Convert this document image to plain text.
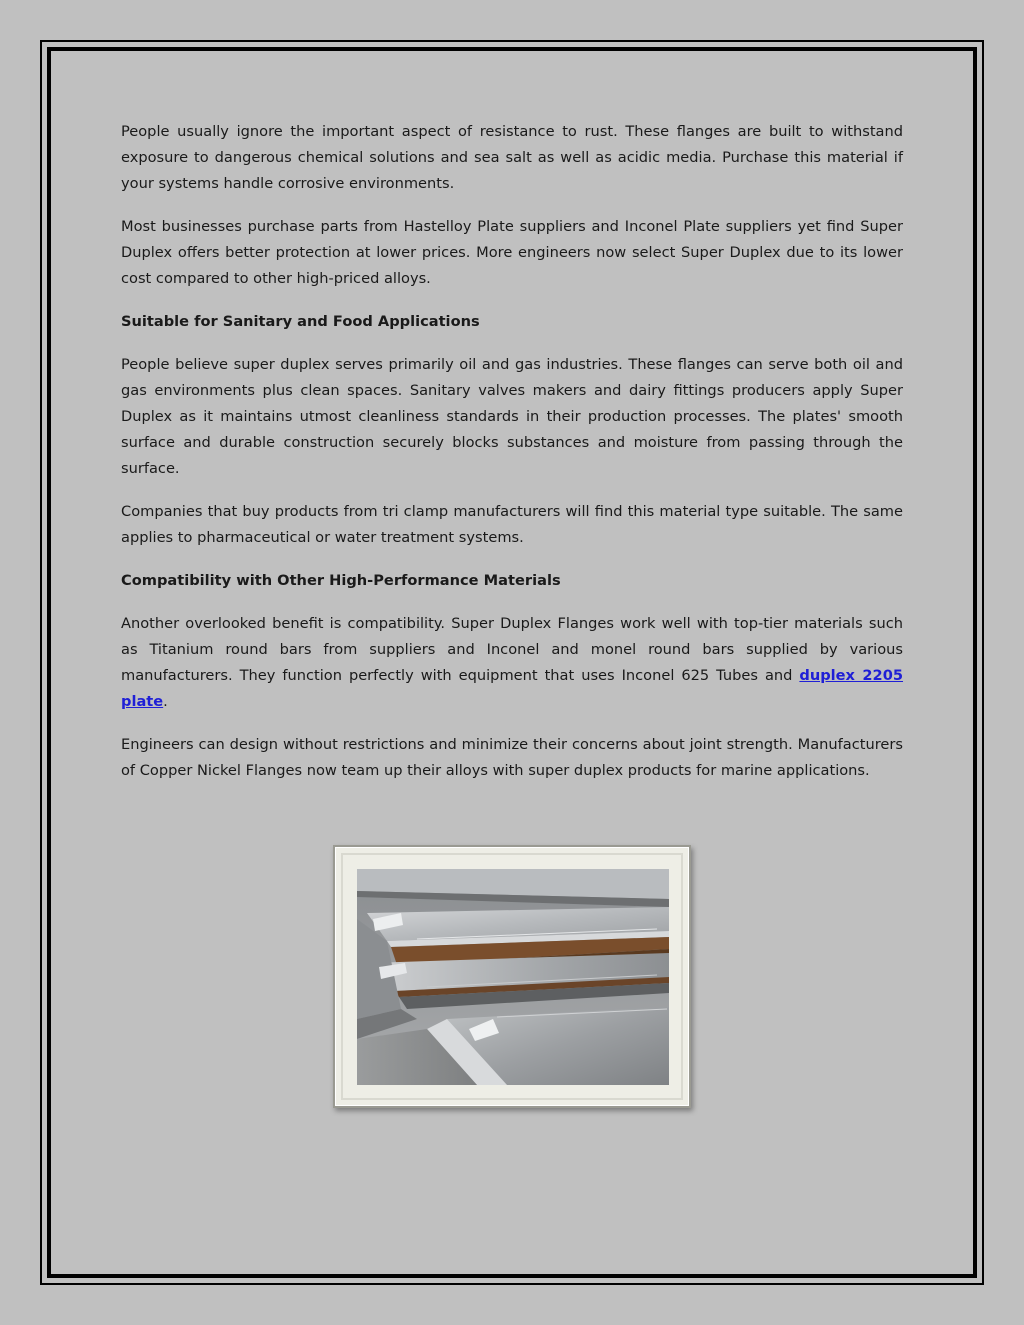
People usually ignore the important aspect of resistance to rust. These flanges are built to withstand exposure to dangerous chemical solutions and sea salt as well as acidic media. Purchase this material if your systems handle corrosive environments.

Most businesses purchase parts from Hastelloy Plate suppliers and Inconel Plate suppliers yet find Super Duplex offers better protection at lower prices. More engineers now select Super Duplex due to its lower cost compared to other high-priced alloys.

Suitable for Sanitary and Food Applications

People believe super duplex serves primarily oil and gas industries. These flanges can serve both oil and gas environments plus clean spaces. Sanitary valves makers and dairy fittings producers apply Super Duplex as it maintains utmost cleanliness standards in their production processes. The plates' smooth surface and durable construction securely blocks substances and moisture from passing through the surface.

Companies that buy products from tri clamp manufacturers will find this material type suitable. The same applies to pharmaceutical or water treatment systems.

Compatibility with Other High-Performance Materials

Another overlooked benefit is compatibility. Super Duplex Flanges work well with top-tier materials such as Titanium round bars from suppliers and Inconel and monel round bars supplied by various manufacturers. They function perfectly with equipment that uses Inconel 625 Tubes and duplex 2205 plate.

Engineers can design without restrictions and minimize their concerns about joint strength. Manufacturers of Copper Nickel Flanges now team up their alloys with super duplex products for marine applications.
